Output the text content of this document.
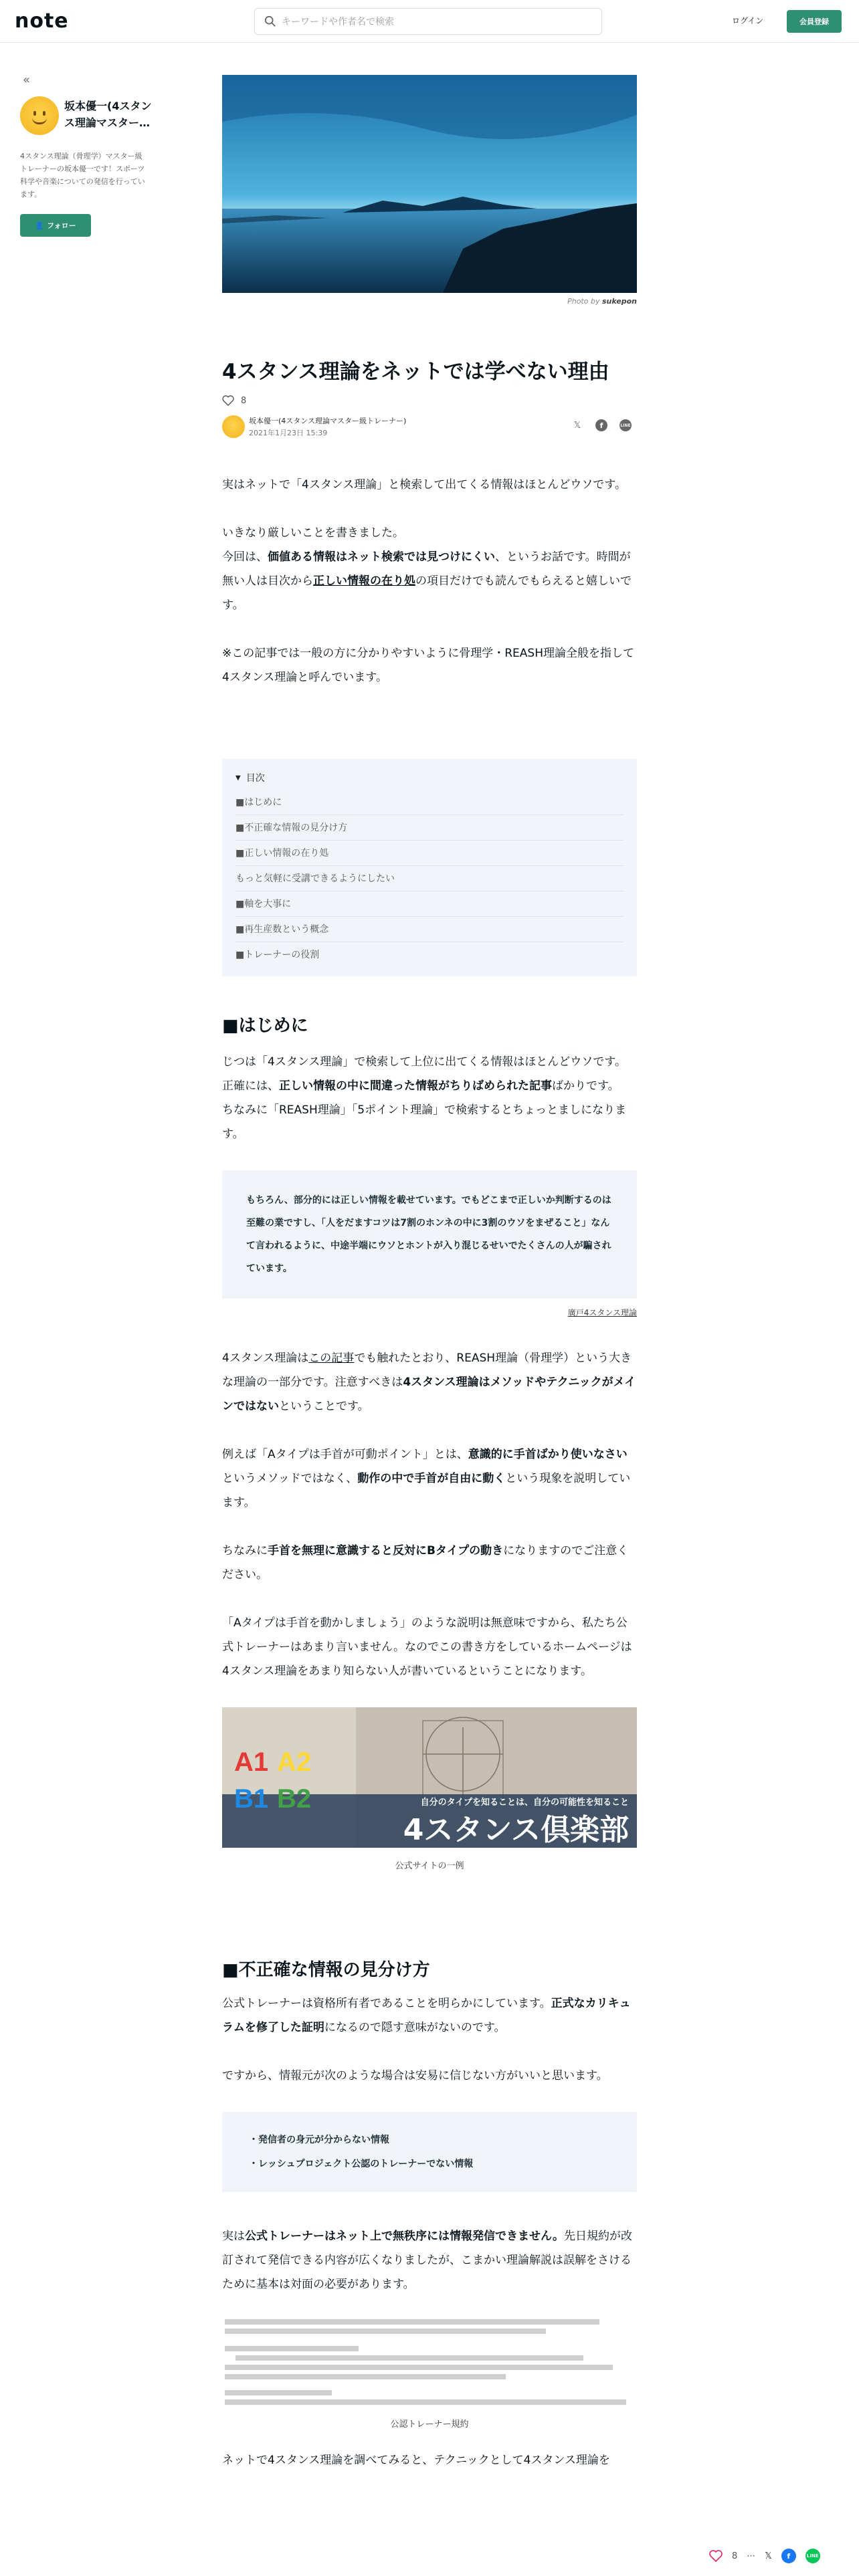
note	キーワードや作者名で検索	ログイン	会員登録
«
坂本優一(4スタンス理論マスター…
4スタンス理論（骨理学）マスター級トレーナーの坂本優一です！スポーツ科学や音楽についての発信を行っています。
👤 フォロー
Photo by sukepon
4スタンス理論をネットでは学べない理由
8
坂本優一(4スタンス理論マスター級トレーナー)
2021年1月23日 15:39
𝕏	f	LINE

実はネットで「4スタンス理論」と検索して出てくる情報はほとんどウソです。

いきなり厳しいことを書きました。

今回は、価値ある情報はネット検索では見つけにくい、というお話です。時間が無い人は目次から正しい情報の在り処の項目だけでも読んでもらえると嬉しいです。

※この記事では一般の方に分かりやすいように骨理学・REASH理論全般を指して4スタンス理論と呼んでいます。

▼ 目次
■はじめに
■不正確な情報の見分け方
■正しい情報の在り処
もっと気軽に受講できるようにしたい
■軸を大事に
■再生産数という概念
■トレーナーの役割
■はじめに

じつは「4スタンス理論」で検索して上位に出てくる情報はほとんどウソです。正確には、正しい情報の中に間違った情報がちりばめられた記事ばかりです。

ちなみに「REASH理論」「5ポイント理論」で検索するとちょっとましになります。

もちろん、部分的には正しい情報を載せています。でもどこまで正しいか判断するのは至難の業ですし、「人をだますコツは7割のホンネの中に3割のウソをまぜること」なんて言われるように、中途半端にウソとホントが入り混じるせいでたくさんの人が騙されています。
廣戸4スタンス理論

4スタンス理論はこの記事でも触れたとおり、REASH理論（骨理学）という大きな理論の一部分です。注意すべきは4スタンス理論はメソッドやテクニックがメインではないということです。

例えば「Aタイプは手首が可動ポイント」とは、意識的に手首ばかり使いなさいというメソッドではなく、動作の中で手首が自由に動くという現象を説明しています。

ちなみに手首を無理に意識すると反対にBタイプの動きになりますのでご注意ください。

「Aタイプは手首を動かしましょう」のような説明は無意味ですから、私たち公式トレーナーはあまり言いません。なのでこの書き方をしているホームページは4スタンス理論をあまり知らない人が書いているということになります。

A1 A2
B1 B2	自分のタイプを知ることは、自分の可能性を知ること
4スタンス倶楽部
公式サイトの一例
■不正確な情報の見分け方

公式トレーナーは資格所有者であることを明らかにしています。正式なカリキュラムを修了した証明になるので隠す意味がないのです。

ですから、情報元が次のような場合は安易に信じない方がいいと思います。

・発信者の身元が分からない情報
・レッシュプロジェクト公認のトレーナーでない情報

実は公式トレーナーはネット上で無秩序には情報発信できません。先日規約が改訂されて発信できる内容が広くなりましたが、こまかい理論解説は誤解をさけるために基本は対面の必要があります。

公認トレーナー規約

ネットで4スタンス理論を調べてみると、テクニックとして4スタンス理論を

8 ⋯ 𝕏	f	LINE
